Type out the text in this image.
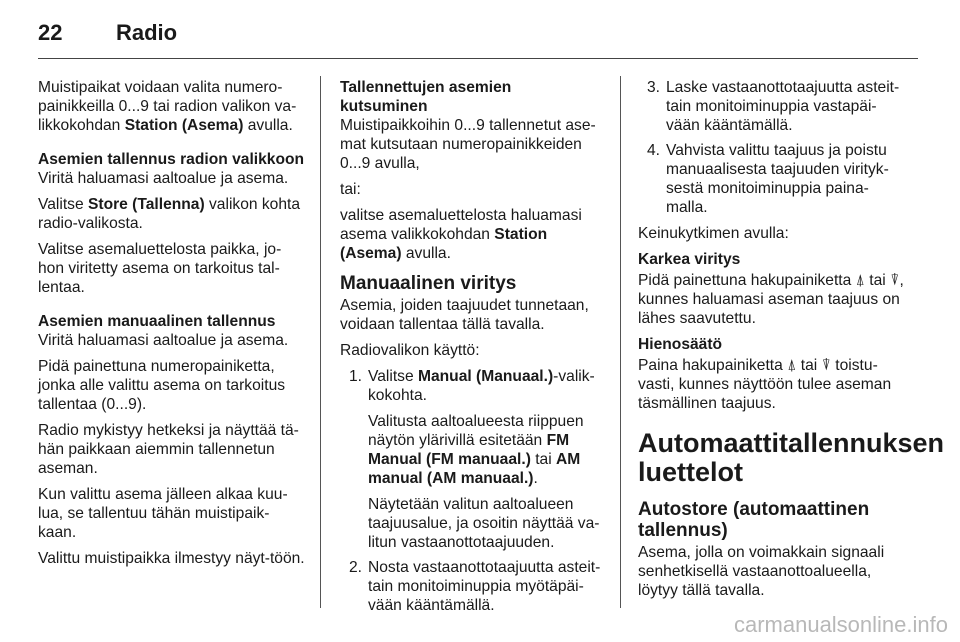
22 Radio

Muistipaikat voidaan valita numero-painikkeilla 0...9 tai radion valikon va-likkokohdan Station (Asema) avulla.

Asemien tallennus radion valikkoon

Viritä haluamasi aaltoalue ja asema.

Valitse Store (Tallenna) valikon kohta radio-valikosta.

Valitse asemaluettelosta paikka, jo-hon viritetty asema on tarkoitus tal-lentaa.

Asemien manuaalinen tallennus

Viritä haluamasi aaltoalue ja asema.

Pidä painettuna numeropainiketta, jonka alle valittu asema on tarkoitus tallentaa (0...9).

Radio mykistyy hetkeksi ja näyttää tä-hän paikkaan aiemmin tallennetun aseman.

Kun valittu asema jälleen alkaa kuu-lua, se tallentuu tähän muistipaik-kaan.

Valittu muistipaikka ilmestyy näyt-töön.

Tallennettujen asemien kutsuminen

Muistipaikkoihin 0...9 tallennetut ase-mat kutsutaan numeropainikkeiden 0...9 avulla,

tai:

valitse asemaluettelosta haluamasi asema valikkokohdan Station (Asema) avulla.

Manuaalinen viritys

Asemia, joiden taajuudet tunnetaan, voidaan tallentaa tällä tavalla.

Radiovalikon käyttö:

1. Valitse Manual (Manuaal.)-valik-kokohta.

Valitusta aaltoalueesta riippuen näytön ylärivillä esitetään FM Manual (FM manuaal.) tai AM manual (AM manuaal.).

Näytetään valitun aaltoalueen taajuusalue, ja osoitin näyttää va-litun vastaanottotaajuuden.

2. Nosta vastaanottotaajuutta asteit-tain monitoiminuppia myötäpäi-vään kääntämällä.
3. Laske vastaanottotaajuutta asteit-tain monitoiminuppia vastapäi-vään kääntämällä.
4. Vahvista valittu taajuus ja poistu manuaalisesta taajuuden virityk-sestä monitoiminuppia paina-malla.

Keinukytkimen avulla:

Karkea viritys

Pidä painettuna hakupainiketta ⍋ tai ⍒, kunnes haluamasi aseman taajuus on lähes saavutettu.

Hienosäätö

Paina hakupainiketta ⍋ tai ⍒ toistu-vasti, kunnes näyttöön tulee aseman täsmällinen taajuus.

Automaattitallennuksen luettelot
Autostore (automaattinen tallennus)

Asema, jolla on voimakkain signaali senhetkisellä vastaanottoalueella, löytyy tällä tavalla.

carmanualsonline.info
